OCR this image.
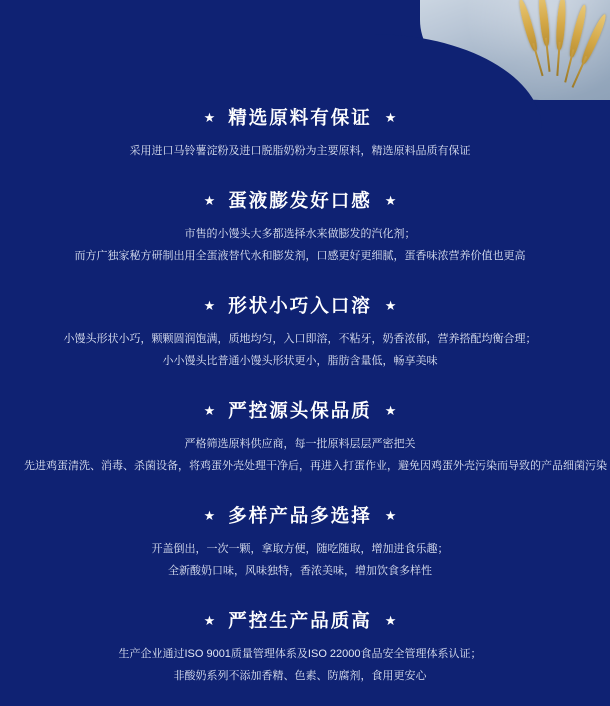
★ 精选原料有保证 ★
采用进口马铃薯淀粉及进口脱脂奶粉为主要原料，精选原料品质有保证
★ 蛋液膨发好口感 ★
市售的小馒头大多都选择水来做膨发的汽化剂；
而方广独家秘方研制出用全蛋液替代水和膨发剂，口感更好更细腻，蛋香味浓营养价值也更高
★ 形状小巧入口溶 ★
小馒头形状小巧，颗颗圆润饱满，质地均匀，入口即溶，不粘牙，奶香浓郁，营养搭配均衡合理；
小小馒头比普通小馒头形状更小，脂肪含量低，畅享美味
★ 严控源头保品质 ★
严格筛选原料供应商，每一批原料层层严密把关
先进鸡蛋清洗、消毒、杀菌设备，将鸡蛋外壳处理干净后，再进入打蛋作业，避免因鸡蛋外壳污染而导致的产品细菌污染
★ 多样产品多选择 ★
开盖倒出，一次一颗，拿取方便，随吃随取，增加进食乐趣；
全新酸奶口味，风味独特，香浓美味，增加饮食多样性
★ 严控生产品质高 ★
生产企业通过ISO 9001质量管理体系及ISO 22000食品安全管理体系认证；
非酸奶系列不添加香精、色素、防腐剂，食用更安心
